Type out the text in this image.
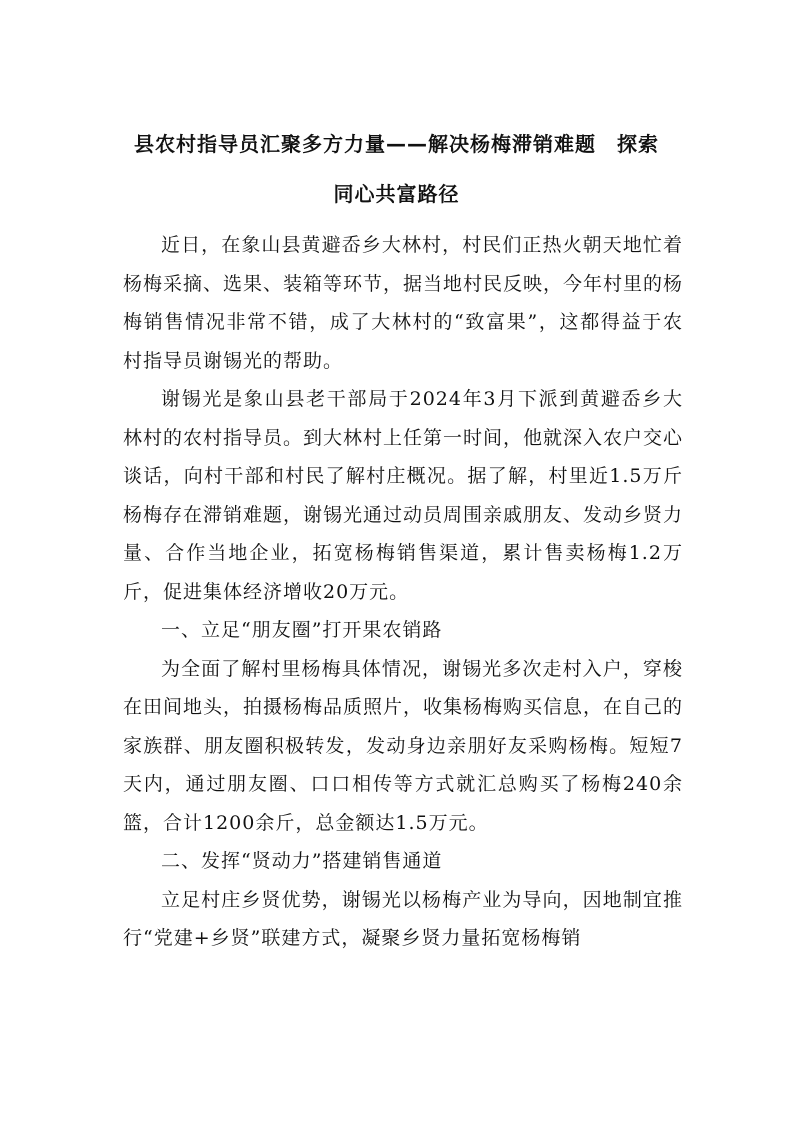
县农村指导员汇聚多方力量——解决杨梅滞销难题　探索
同心共富路径

近日，在象山县黄避岙乡大林村，村民们正热火朝天地忙着杨梅采摘、选果、装箱等环节，据当地村民反映，今年村里的杨梅销售情况非常不错，成了大林村的“致富果”，这都得益于农村指导员谢锡光的帮助。

谢锡光是象山县老干部局于2024年3月下派到黄避岙乡大林村的农村指导员。到大林村上任第一时间，他就深入农户交心谈话，向村干部和村民了解村庄概况。据了解，村里近1.5万斤杨梅存在滞销难题，谢锡光通过动员周围亲戚朋友、发动乡贤力量、合作当地企业，拓宽杨梅销售渠道，累计售卖杨梅1.2万斤，促进集体经济增收20万元。

一、立足“朋友圈”打开果农销路

为全面了解村里杨梅具体情况，谢锡光多次走村入户，穿梭在田间地头，拍摄杨梅品质照片，收集杨梅购买信息，在自己的家族群、朋友圈积极转发，发动身边亲朋好友采购杨梅。短短7天内，通过朋友圈、口口相传等方式就汇总购买了杨梅240余篮，合计1200余斤，总金额达1.5万元。

二、发挥“贤动力”搭建销售通道

立足村庄乡贤优势，谢锡光以杨梅产业为导向，因地制宜推行“党建+乡贤”联建方式，凝聚乡贤力量拓宽杨梅销
